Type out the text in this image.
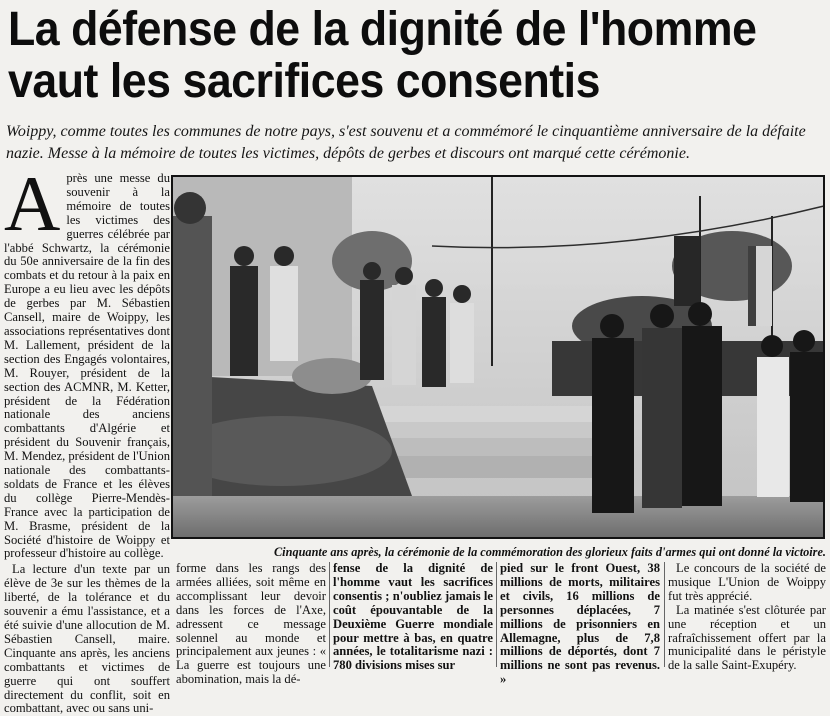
La défense de la dignité de l'homme
vaut les sacrifices consentis
Woippy, comme toutes les communes de notre pays, s'est souvenu et a commémoré le cinquantième anniversaire de la défaite nazie. Messe à la mémoire de toutes les victimes, dépôts de gerbes et discours ont marqué cette cérémonie.
A près une messe du souvenir à la mémoire de toutes les victimes des guerres célébrée par l'abbé Schwartz, la cérémonie du 50e anniversaire de la fin des combats et du retour à la paix en Europe a eu lieu avec les dépôts de gerbes par M. Sébastien Cansell, maire de Woippy, les associations représentatives dont M. Lallement, président de la section des Engagés volontaires, M. Rouyer, président de la section des ACMNR, M. Ketter, président de la Fédération nationale des anciens combattants d'Algérie et président du Souvenir français, M. Mendez, président de l'Union nationale des combattants-soldats de France et les élèves du collège Pierre-Mendès-France avec la participation de M. Brasme, président de la Société d'histoire de Woippy et professeur d'histoire au collège.

La lecture d'un texte par un élève de 3e sur les thèmes de la liberté, de la tolérance et du souvenir a ému l'assistance, et a été suivie d'une allocution de M. Sébastien Cansell, maire. Cinquante ans après, les anciens combattants et victimes de guerre qui ont souffert directement du conflit, soit en combattant, avec ou sans uni-

Cinquante ans après, la cérémonie de la commémoration des glorieux faits d'armes qui ont donné la victoire.
forme dans les rangs des armées alliées, soit même en accomplissant leur devoir dans les forces de l'Axe, adressent ce message solennel au monde et principalement aux jeunes : « La guerre est toujours une abomination, mais la dé-
fense de la dignité de l'homme vaut les sacrifices consentis ; n'oubliez jamais le coût épouvantable de la Deuxième Guerre mondiale pour mettre à bas, en quatre années, le totalitarisme nazi : 780 divisions mises sur
pied sur le front Ouest, 38 millions de morts, militaires et civils, 16 millions de personnes déplacées, 7 millions de prisonniers en Allemagne, plus de 7,8 millions de déportés, dont 7 millions ne sont pas revenus. »

Le concours de la société de musique L'Union de Woippy fut très apprécié.

La matinée s'est clôturée par une réception et un rafraîchissement offert par la municipalité dans le péristyle de la salle Saint-Exupéry.
